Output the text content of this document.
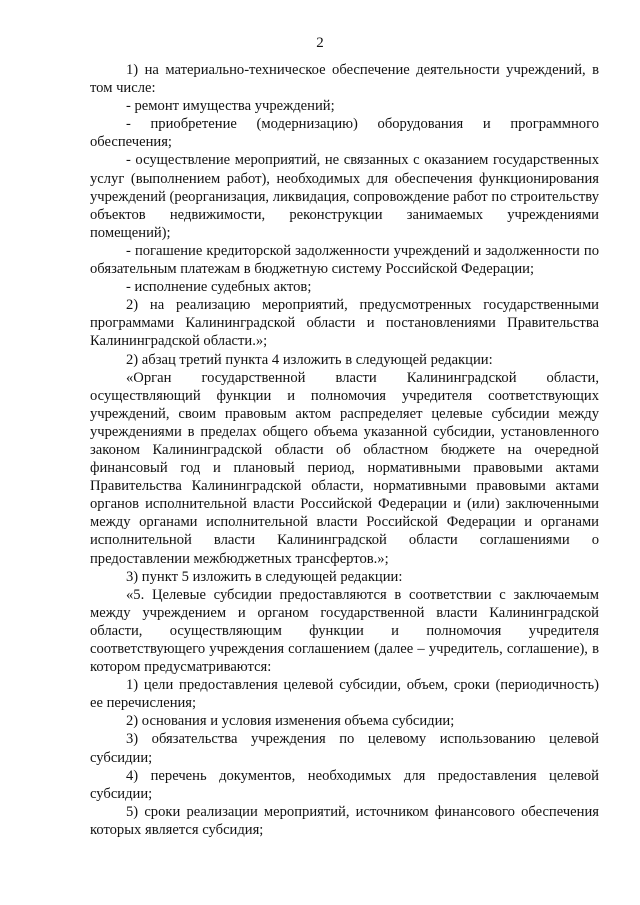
2

1) на материально-техническое обеспечение деятельности учреждений, в том числе:

- ремонт имущества учреждений;

- приобретение (модернизацию) оборудования и программного обеспечения;

- осуществление мероприятий, не связанных с оказанием государственных услуг (выполнением работ), необходимых для обеспечения функционирования учреждений (реорганизация, ликвидация, сопровождение работ по строительству объектов недвижимости, реконструкции занимаемых учреждениями помещений);

- погашение кредиторской задолженности учреждений и задолженности по обязательным платежам в бюджетную систему Российской Федерации;

- исполнение судебных актов;

2) на реализацию мероприятий, предусмотренных государственными программами Калининградской области и постановлениями Правительства Калининградской области.»;

2) абзац третий пункта 4 изложить в следующей редакции:

«Орган государственной власти Калининградской области, осуществляющий функции и полномочия учредителя соответствующих учреждений, своим правовым актом распределяет целевые субсидии между учреждениями в пределах общего объема указанной субсидии, установленного законом Калининградской области об областном бюджете на очередной финансовый год и плановый период, нормативными правовыми актами Правительства Калининградской области, нормативными правовыми актами органов исполнительной власти Российской Федерации и (или) заключенными между органами исполнительной власти Российской Федерации и органами исполнительной власти Калининградской области соглашениями о предоставлении межбюджетных трансфертов.»;

3) пункт 5 изложить в следующей редакции:

«5. Целевые субсидии предоставляются в соответствии с заключаемым между учреждением и органом государственной власти Калининградской области, осуществляющим функции и полномочия учредителя соответствующего учреждения соглашением (далее – учредитель, соглашение), в котором предусматриваются:

1) цели предоставления целевой субсидии, объем, сроки (периодичность) ее перечисления;

2) основания и условия изменения объема субсидии;

3) обязательства учреждения по целевому использованию целевой субсидии;

4) перечень документов, необходимых для предоставления целевой субсидии;

5) сроки реализации мероприятий, источником финансового обеспечения которых является субсидия;
